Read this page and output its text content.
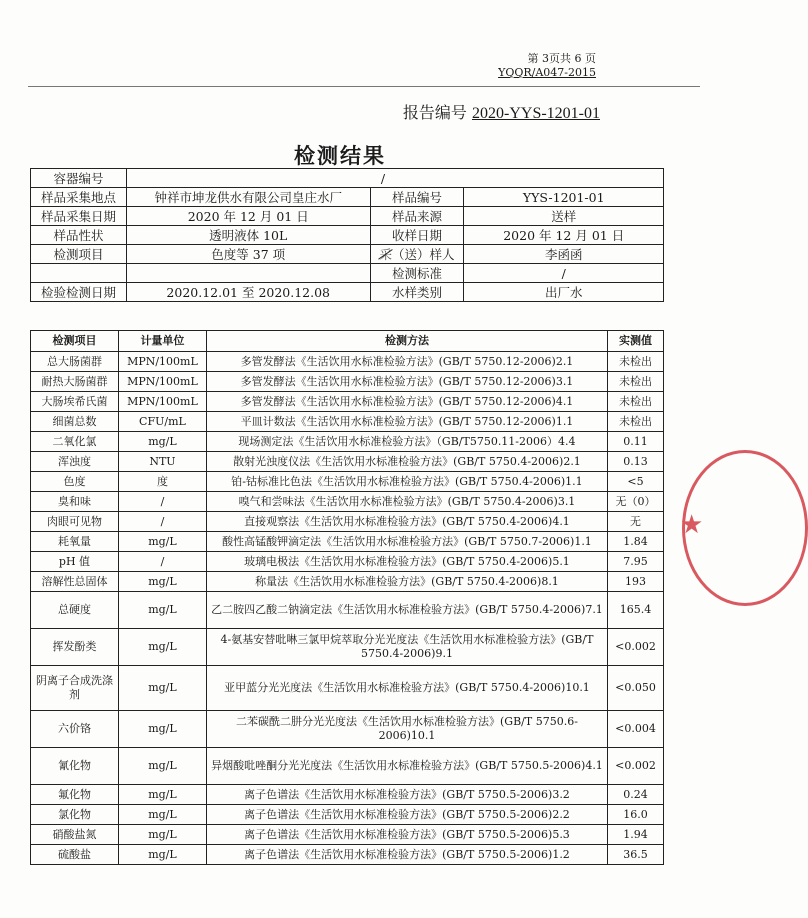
第 3页共 6 页
YQQR/A047-2015
报告编号 2020-YYS-1201-01
检测结果
容器编号	/		
样品采集地点	钟祥市坤龙供水有限公司皇庄水厂	样品编号	YYS-1201-01
样品采集日期	2020 年 12 月 01 日	样品来源	送样
样品性状	透明液体 10L	收样日期	2020 年 12 月 01 日
检测项目	色度等 37 项	采（送）样人	李函函
		检测标准	/
检验检测日期	2020.12.01 至 2020.12.08	水样类别	出厂水
检测项目	计量单位	检测方法	实测值
总大肠菌群	MPN/100mL	多管发酵法《生活饮用水标准检验方法》(GB/T 5750.12-2006)2.1	未检出
耐热大肠菌群	MPN/100mL	多管发酵法《生活饮用水标准检验方法》(GB/T 5750.12-2006)3.1	未检出
大肠埃希氏菌	MPN/100mL	多管发酵法《生活饮用水标准检验方法》(GB/T 5750.12-2006)4.1	未检出
细菌总数	CFU/mL	平皿计数法《生活饮用水标准检验方法》(GB/T 5750.12-2006)1.1	未检出
二氧化氯	mg/L	现场测定法《生活饮用水标准检验方法》（GB/T5750.11-2006）4.4	0.11
浑浊度	NTU	散射光浊度仪法《生活饮用水标准检验方法》(GB/T 5750.4-2006)2.1	0.13
色度	度	铂-钴标准比色法《生活饮用水标准检验方法》(GB/T 5750.4-2006)1.1	<5
臭和味	/	嗅气和尝味法《生活饮用水标准检验方法》(GB/T 5750.4-2006)3.1	无（0）
肉眼可见物	/	直接观察法《生活饮用水标准检验方法》(GB/T 5750.4-2006)4.1	无
耗氧量	mg/L	酸性高锰酸钾滴定法《生活饮用水标准检验方法》(GB/T 5750.7-2006)1.1	1.84
pH 值	/	玻璃电极法《生活饮用水标准检验方法》(GB/T 5750.4-2006)5.1	7.95
溶解性总固体	mg/L	称量法《生活饮用水标准检验方法》(GB/T 5750.4-2006)8.1	193
总硬度	mg/L	乙二胺四乙酸二钠滴定法《生活饮用水标准检验方法》(GB/T 5750.4-2006)7.1	165.4
挥发酚类	mg/L	4-氨基安替吡啉三氯甲烷萃取分光光度法《生活饮用水标准检验方法》(GB/T 5750.4-2006)9.1	<0.002
阴离子合成洗涤剂	mg/L	亚甲蓝分光光度法《生活饮用水标准检验方法》(GB/T 5750.4-2006)10.1	<0.050
六价铬	mg/L	二苯碳酰二肼分光光度法《生活饮用水标准检验方法》(GB/T 5750.6-2006)10.1	<0.004
氰化物	mg/L	异烟酸吡唑酮分光光度法《生活饮用水标准检验方法》(GB/T 5750.5-2006)4.1	<0.002
氟化物	mg/L	离子色谱法《生活饮用水标准检验方法》(GB/T 5750.5-2006)3.2	0.24
氯化物	mg/L	离子色谱法《生活饮用水标准检验方法》(GB/T 5750.5-2006)2.2	16.0
硝酸盐氮	mg/L	离子色谱法《生活饮用水标准检验方法》(GB/T 5750.5-2006)5.3	1.94
硫酸盐	mg/L	离子色谱法《生活饮用水标准检验方法》(GB/T 5750.5-2006)1.2	36.5
★
